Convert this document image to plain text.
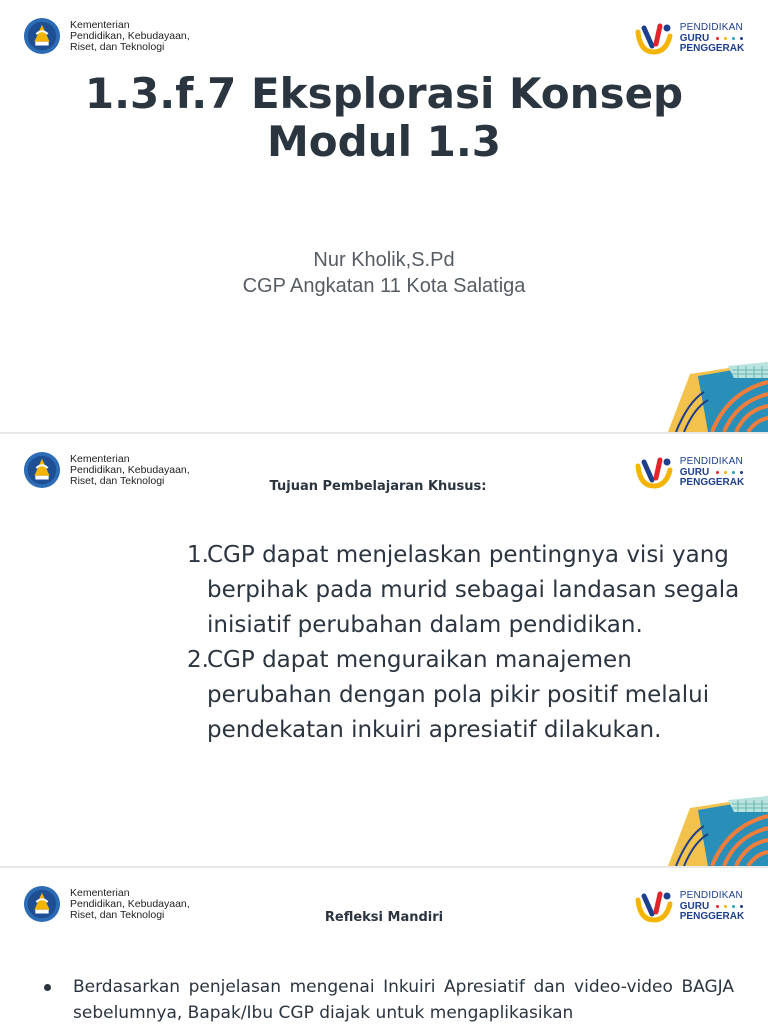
Kementerian
Pendidikan, Kebudayaan,
Riset, dan Teknologi
PENDIDIKAN
GURU
PENGGERAK
1.3.f.7 Eksplorasi Konsep
Modul 1.3
Nur Kholik,S.Pd
CGP Angkatan 11 Kota Salatiga
Kementerian
Pendidikan, Kebudayaan,
Riset, dan Teknologi
PENDIDIKAN
GURU
PENGGERAK
Tujuan Pembelajaran Khusus:
1.
CGP dapat menjelaskan pentingnya visi yang berpihak pada murid sebagai landasan segala inisiatif perubahan dalam pendidikan.
2.
CGP dapat menguraikan manajemen perubahan dengan pola pikir positif melalui pendekatan inkuiri apresiatif dilakukan.
Kementerian
Pendidikan, Kebudayaan,
Riset, dan Teknologi
PENDIDIKAN
GURU
PENGGERAK
Refleksi Mandiri
Berdasarkan penjelasan mengenai Inkuiri Apresiatif dan video-video BAGJA sebelumnya, Bapak/Ibu CGP diajak untuk mengaplikasikan
